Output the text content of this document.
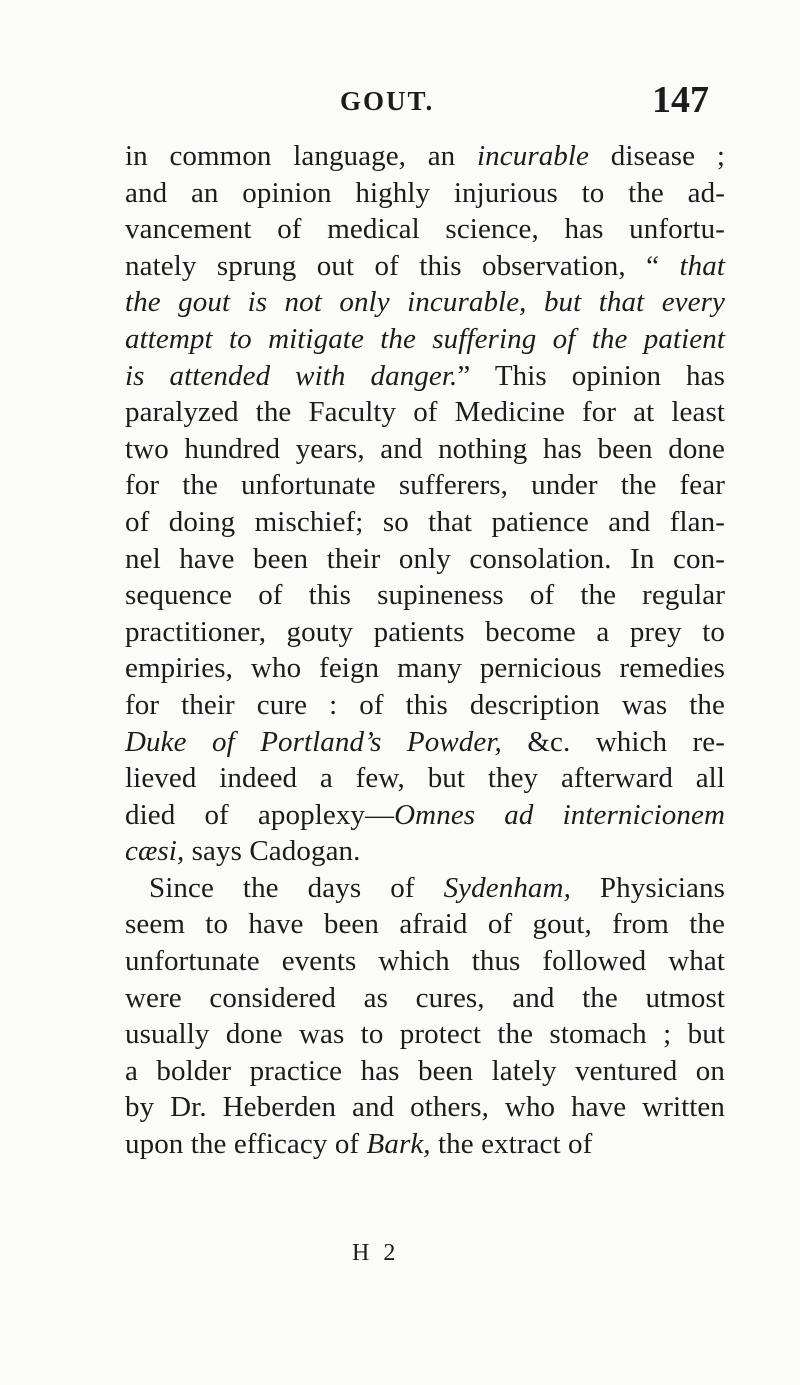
GOUT.	147
in common language, an incurable disease ;
and an opinion highly injurious to the ad-
vancement of medical science, has unfortu-
nately sprung out of this observation, “ that
the gout is not only incurable, but that every
attempt to mitigate the suffering of the patient
is attended with danger.” This opinion has
paralyzed the Faculty of Medicine for at least
two hundred years, and nothing has been done
for the unfortunate sufferers, under the fear
of doing mischief; so that patience and flan-
nel have been their only consolation. In con-
sequence of this supineness of the regular
practitioner, gouty patients become a prey to
empiries, who feign many pernicious remedies
for their cure : of this description was the
Duke of Portland’s Powder, &c. which re-
lieved indeed a few, but they afterward all
died of apoplexy—Omnes ad internicionem
cæsi, says Cadogan.
Since the days of Sydenham, Physicians
seem to have been afraid of gout, from the
unfortunate events which thus followed what
were considered as cures, and the utmost
usually done was to protect the stomach ; but
a bolder practice has been lately ventured on
by Dr. Heberden and others, who have written
upon the efficacy of Bark, the extract of
H 2
